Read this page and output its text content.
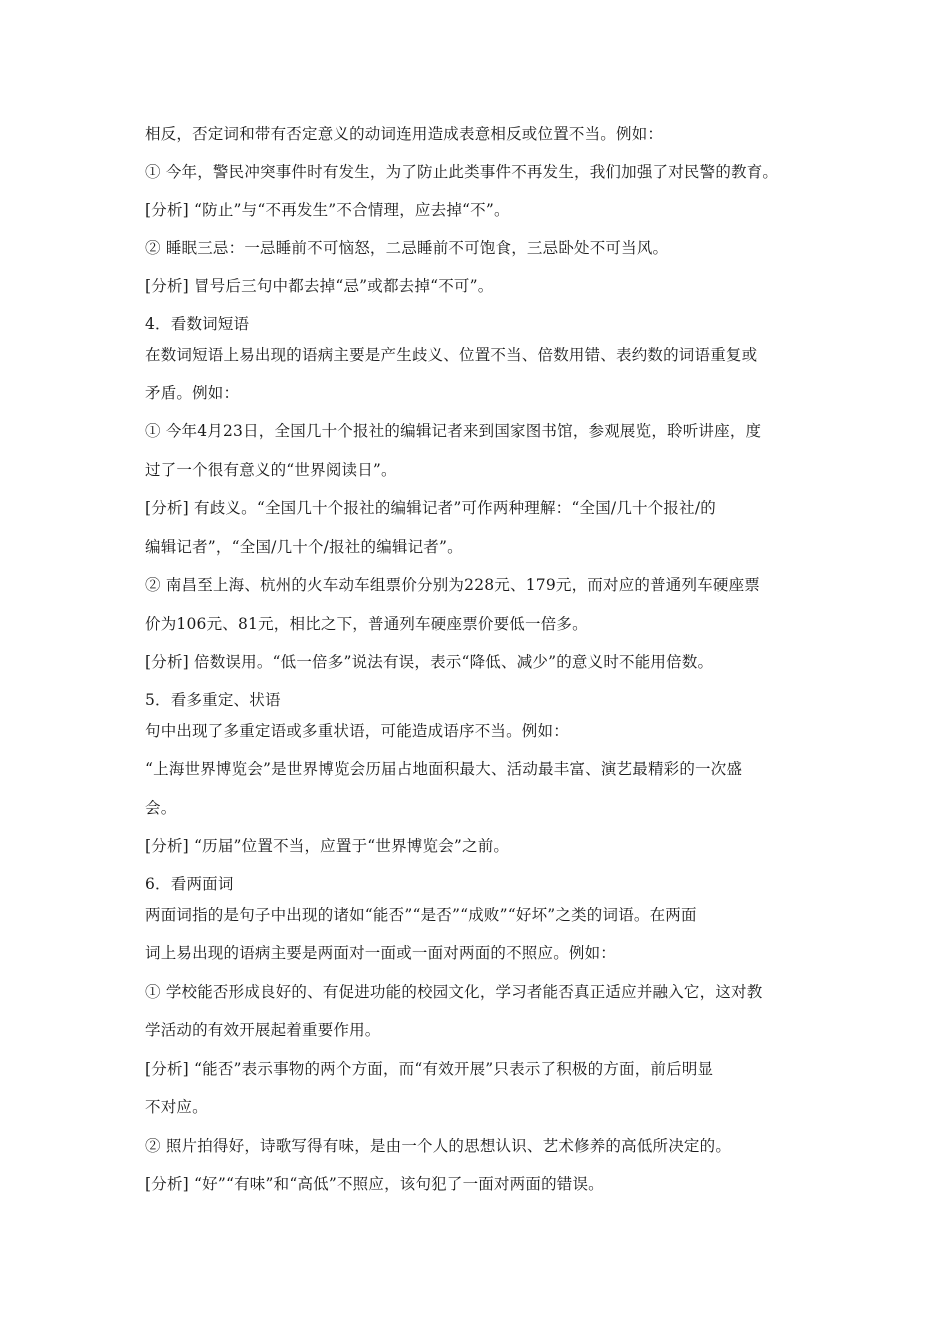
相反，否定词和带有否定意义的动词连用造成表意相反或位置不当。例如：
① 今年，警民冲突事件时有发生，为了防止此类事件不再发生，我们加强了对民警的教育。
[分析] “防止”与“不再发生”不合情理，应去掉“不”。
② 睡眠三忌：一忌睡前不可恼怒，二忌睡前不可饱食，三忌卧处不可当风。
[分析] 冒号后三句中都去掉“忌”或都去掉“不可”。
4．看数词短语
在数词短语上易出现的语病主要是产生歧义、位置不当、倍数用错、表约数的词语重复或
矛盾。例如：
① 今年4月23日，全国几十个报社的编辑记者来到国家图书馆，参观展览，聆听讲座，度
过了一个很有意义的“世界阅读日”。
[分析] 有歧义。“全国几十个报社的编辑记者”可作两种理解：“全国/几十个报社/的
编辑记者”，“全国/几十个/报社的编辑记者”。
② 南昌至上海、杭州的火车动车组票价分别为228元、179元，而对应的普通列车硬座票
价为106元、81元，相比之下，普通列车硬座票价要低一倍多。
[分析] 倍数误用。“低一倍多”说法有误，表示“降低、减少”的意义时不能用倍数。
5．看多重定、状语
句中出现了多重定语或多重状语，可能造成语序不当。例如：
“上海世界博览会”是世界博览会历届占地面积最大、活动最丰富、演艺最精彩的一次盛
会。
[分析] “历届”位置不当，应置于“世界博览会”之前。
6．看两面词
两面词指的是句子中出现的诸如“能否”“是否”“成败”“好坏”之类的词语。在两面
词上易出现的语病主要是两面对一面或一面对两面的不照应。例如：
① 学校能否形成良好的、有促进功能的校园文化，学习者能否真正适应并融入它，这对教
学活动的有效开展起着重要作用。
[分析] “能否”表示事物的两个方面，而“有效开展”只表示了积极的方面，前后明显
不对应。
② 照片拍得好，诗歌写得有味，是由一个人的思想认识、艺术修养的高低所决定的。
[分析] “好”“有味”和“高低”不照应，该句犯了一面对两面的错误。
